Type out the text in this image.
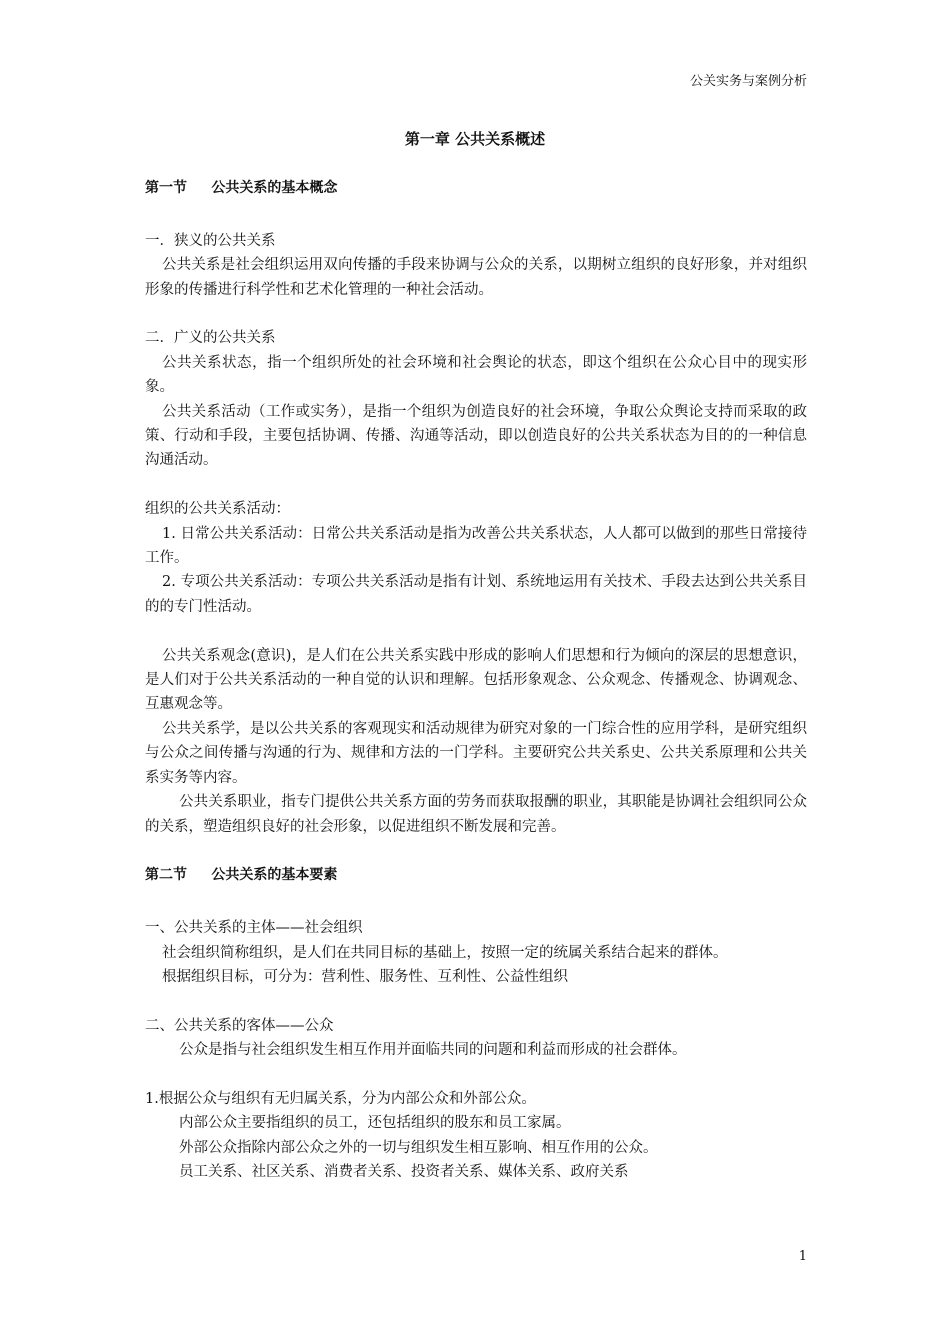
公关实务与案例分析
第一章 公共关系概述
第一节     公共关系的基本概念

一．狭义的公共关系

公共关系是社会组织运用双向传播的手段来协调与公众的关系，以期树立组织的良好形象，并对组织形象的传播进行科学性和艺术化管理的一种社会活动。

二．广义的公共关系

公共关系状态，指一个组织所处的社会环境和社会舆论的状态，即这个组织在公众心目中的现实形象。

公共关系活动（工作或实务），是指一个组织为创造良好的社会环境，争取公众舆论支持而采取的政策、行动和手段，主要包括协调、传播、沟通等活动，即以创造良好的公共关系状态为目的的一种信息沟通活动。

组织的公共关系活动：

1. 日常公共关系活动：日常公共关系活动是指为改善公共关系状态，人人都可以做到的那些日常接待工作。

2. 专项公共关系活动：专项公共关系活动是指有计划、系统地运用有关技术、手段去达到公共关系目的的专门性活动。

公共关系观念(意识)，是人们在公共关系实践中形成的影响人们思想和行为倾向的深层的思想意识，是人们对于公共关系活动的一种自觉的认识和理解。包括形象观念、公众观念、传播观念、协调观念、互惠观念等。

公共关系学，是以公共关系的客观现实和活动规律为研究对象的一门综合性的应用学科，是研究组织与公众之间传播与沟通的行为、规律和方法的一门学科。主要研究公共关系史、公共关系原理和公共关系实务等内容。

公共关系职业，指专门提供公共关系方面的劳务而获取报酬的职业，其职能是协调社会组织同公众的关系，塑造组织良好的社会形象，以促进组织不断发展和完善。

第二节     公共关系的基本要素

一、公共关系的主体——社会组织

社会组织简称组织，是人们在共同目标的基础上，按照一定的统属关系结合起来的群体。

根据组织目标，可分为：营利性、服务性、互利性、公益性组织

二、公共关系的客体——公众

公众是指与社会组织发生相互作用并面临共同的问题和利益而形成的社会群体。

1.根据公众与组织有无归属关系，分为内部公众和外部公众。

内部公众主要指组织的员工，还包括组织的股东和员工家属。

外部公众指除内部公众之外的一切与组织发生相互影响、相互作用的公众。

员工关系、社区关系、消费者关系、投资者关系、媒体关系、政府关系

1
